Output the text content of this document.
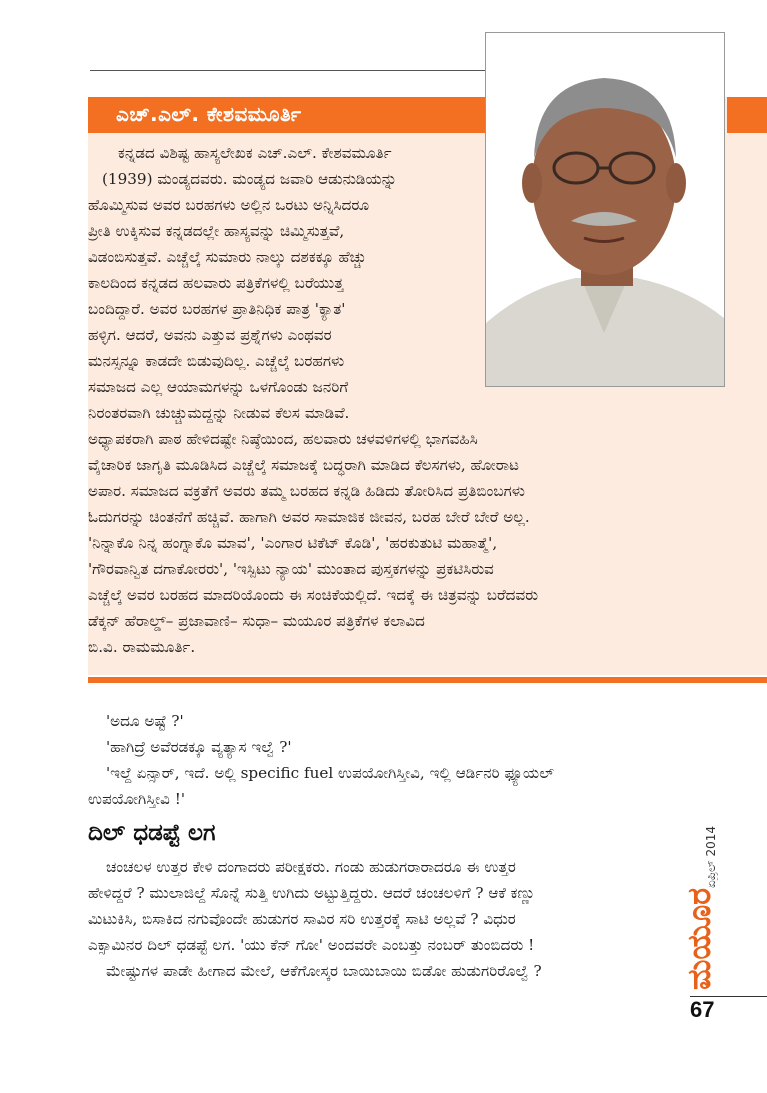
ಎಚ್.ಎಲ್. ಕೇಶವಮೂರ್ತಿ
ಕನ್ನಡದ ವಿಶಿಷ್ಟ ಹಾಸ್ಯಲೇಖಕ ಎಚ್.ಎಲ್. ಕೇಶವಮೂರ್ತಿ
(1939) ಮಂಡ್ಯದವರು. ಮಂಡ್ಯದ ಜವಾರಿ ಆಡುನುಡಿಯನ್ನು
ಹೊಮ್ಮಿಸುವ ಅವರ ಬರಹಗಳು ಅಲ್ಲಿನ ಒರಟು ಅನ್ನಿಸಿದರೂ
ಪ್ರೀತಿ ಉಕ್ಕಿಸುವ ಕನ್ನಡದಲ್ಲೇ ಹಾಸ್ಯವನ್ನು ಚಿಮ್ಮಿಸುತ್ತವೆ,
ವಿಡಂಬಿಸುತ್ತವೆ. ಎಚ್ಚೆಲ್ಕೆ ಸುಮಾರು ನಾಲ್ಕು ದಶಕಕ್ಕೂ ಹೆಚ್ಚು
ಕಾಲದಿಂದ ಕನ್ನಡದ ಹಲವಾರು ಪತ್ರಿಕೆಗಳಲ್ಲಿ ಬರೆಯುತ್ತ
ಬಂದಿದ್ದಾರೆ. ಅವರ ಬರಹಗಳ ಪ್ರಾತಿನಿಧಿಕ ಪಾತ್ರ 'ಕ್ಯಾತ'
ಹಳ್ಳಿಗ. ಆದರೆ, ಅವನು ಎತ್ತುವ ಪ್ರಶ್ನೆಗಳು ಎಂಥವರ
ಮನಸ್ಸನ್ನೂ ಕಾಡದೇ ಬಿಡುವುದಿಲ್ಲ. ಎಚ್ಚೆಲ್ಕೆ ಬರಹಗಳು
ಸಮಾಜದ ಎಲ್ಲ ಆಯಾಮಗಳನ್ನು ಒಳಗೊಂಡು ಜನರಿಗೆ
ನಿರಂತರವಾಗಿ ಚುಚ್ಚುಮದ್ದನ್ನು ನೀಡುವ ಕೆಲಸ ಮಾಡಿವೆ.
ಅಧ್ಯಾಪಕರಾಗಿ ಪಾಠ ಹೇಳಿದಷ್ಟೇ ನಿಷ್ಠೆಯಿಂದ, ಹಲವಾರು ಚಳವಳಿಗಳಲ್ಲಿ ಭಾಗವಹಿಸಿ
ವೈಚಾರಿಕ ಜಾಗೃತಿ ಮೂಡಿಸಿದ ಎಚ್ಚೆಲ್ಕೆ ಸಮಾಜಕ್ಕೆ ಬದ್ಧರಾಗಿ ಮಾಡಿದ ಕೆಲಸಗಳು, ಹೋರಾಟ
ಅಪಾರ. ಸಮಾಜದ ವಕ್ರತೆಗೆ ಅವರು ತಮ್ಮ ಬರಹದ ಕನ್ನಡಿ ಹಿಡಿದು ತೋರಿಸಿದ ಪ್ರತಿಬಿಂಬಗಳು
ಓದುಗರನ್ನು ಚಿಂತನೆಗೆ ಹಚ್ಚಿವೆ. ಹಾಗಾಗಿ ಅವರ ಸಾಮಾಜಿಕ ಜೀವನ, ಬರಹ ಬೇರೆ ಬೇರೆ ಅಲ್ಲ.
'ನಿನ್ನಾಕೊ ನಿನ್ನ ಹಂಗ್ನಾಕೊ ಮಾವ', 'ಎಂಗಾರ ಟಿಕೆಟ್ ಕೊಡಿ', 'ಹರಕುತುಟಿ ಮಹಾತ್ಮೆ',
'ಗೌರವಾನ್ವಿತ ದಗಾಕೋರರು', 'ಇಸ್ಪಿಟು ನ್ಯಾಯ' ಮುಂತಾದ ಪುಸ್ತಕಗಳನ್ನು ಪ್ರಕಟಿಸಿರುವ
ಎಚ್ಚೆಲ್ಕೆ ಅವರ ಬರಹದ ಮಾದರಿಯೊಂದು ಈ ಸಂಚಿಕೆಯಲ್ಲಿದೆ. ಇದಕ್ಕೆ ಈ ಚಿತ್ರವನ್ನು ಬರೆದವರು
ಡೆಕ್ಕನ್ ಹೆರಾಲ್ಡ್– ಪ್ರಜಾವಾಣಿ– ಸುಧಾ– ಮಯೂರ ಪತ್ರಿಕೆಗಳ ಕಲಾವಿದ
ಬಿ.ವಿ. ರಾಮಮೂರ್ತಿ.
'ಅದೂ ಅಷ್ಟೆ ?'
'ಹಾಗಿದ್ರೆ ಅವೆರಡಕ್ಕೂ ವ್ಯತ್ಯಾಸ ಇಲ್ವೆ ?'
'ಇಲ್ದೆ ಏನ್ಸಾರ್, ಇದೆ. ಅಲ್ಲಿ specific fuel ಉಪಯೋಗಿಸ್ತೀವಿ, ಇಲ್ಲಿ ಆರ್ಡಿನರಿ ಫ್ಯೂಯಲ್
ಉಪಯೋಗಿಸ್ತೀವಿ !'
ದಿಲ್ ಧಡಪ್ಟೆ ಲಗ
ಚಂಚಲಳ ಉತ್ತರ ಕೇಳಿ ದಂಗಾದರು ಪರೀಕ್ಷಕರು. ಗಂಡು ಹುಡುಗರಾರಾದರೂ ಈ ಉತ್ತರ
ಹೇಳಿದ್ದರೆ ? ಮುಲಾಜಿಲ್ದೆ ಸೊನ್ನೆ ಸುತ್ತಿ ಉಗಿದು ಅಟ್ಟುತ್ತಿದ್ದರು. ಆದರೆ ಚಂಚಲಳಿಗೆ ? ಆಕೆ ಕಣ್ಣು
ಮಿಟುಕಿಸಿ, ಬಿಸಾಕಿದ ನಗುವೊಂದೇ ಹುಡುಗರ ಸಾವಿರ ಸರಿ ಉತ್ತರಕ್ಕೆ ಸಾಟಿ ಅಲ್ಲವೆ ? ವಿಧುರ
ಎಕ್ಸಾಮಿನರ ದಿಲ್ ಧಡಪ್ಟೆ ಲಗ. 'ಯು ಕೆನ್ ಗೋ' ಅಂದವರೇ ಎಂಬತ್ತು ನಂಬರ್ ತುಂಬಿದರು !
ಮೇಷ್ಟುಗಳ ಪಾಡೇ ಹೀಗಾದ ಮೇಲೆ, ಆಕೆಗೋಸ್ಕರ ಬಾಯಿಬಾಯಿ ಬಿಡೋ ಹುಡುಗರಿರೊಲ್ವೆ ?
ಏಪ್ರಿಲ್ 2014
ಮಯೂರ
67
